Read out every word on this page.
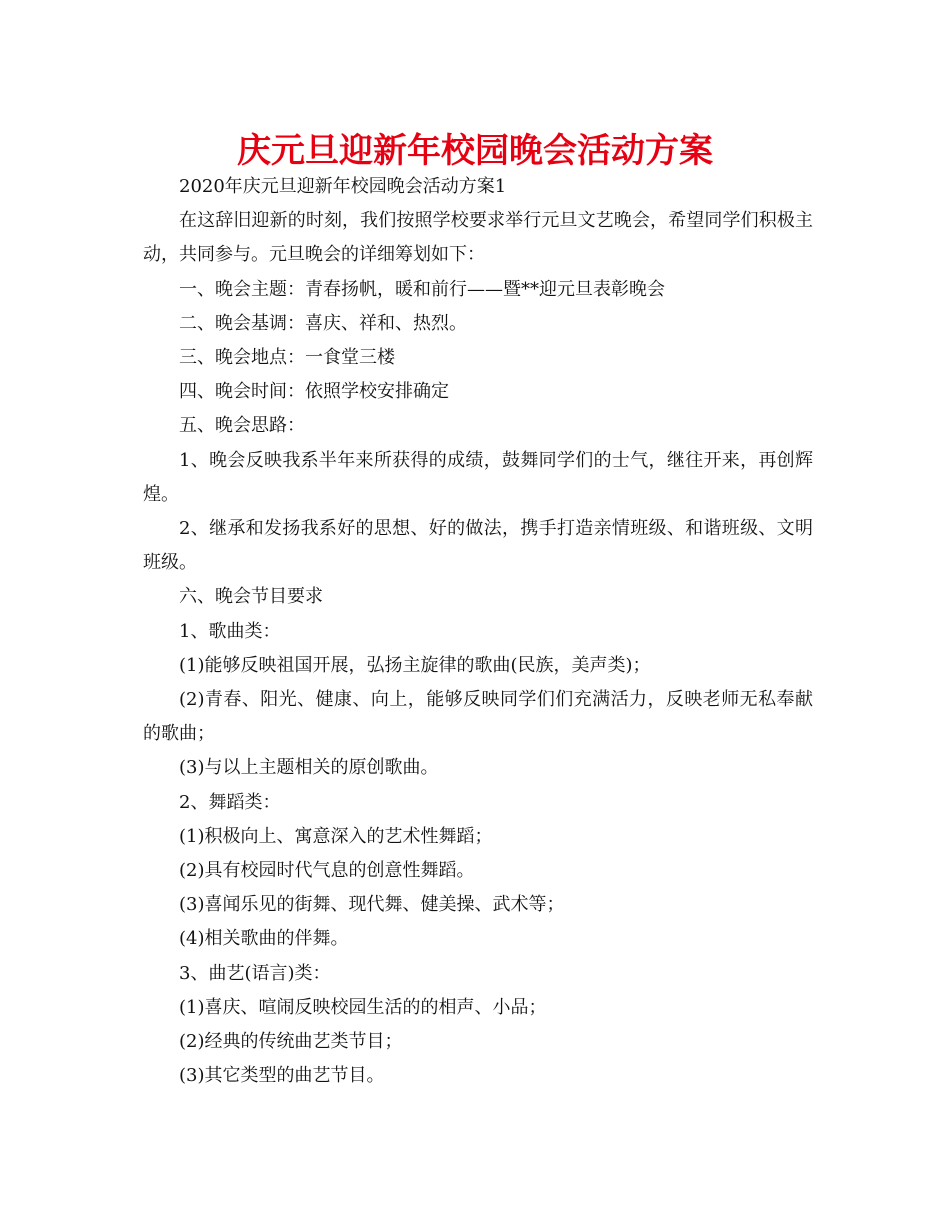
庆元旦迎新年校园晚会活动方案

2020年庆元旦迎新年校园晚会活动方案1

在这辞旧迎新的时刻，我们按照学校要求举行元旦文艺晚会，希望同学们积极主动，共同参与。元旦晚会的详细筹划如下：

一、晚会主题：青春扬帆，暖和前行——暨**迎元旦表彰晚会

二、晚会基调：喜庆、祥和、热烈。

三、晚会地点：一食堂三楼

四、晚会时间：依照学校安排确定

五、晚会思路：

1、晚会反映我系半年来所获得的成绩，鼓舞同学们的士气，继往开来，再创辉煌。

2、继承和发扬我系好的思想、好的做法，携手打造亲情班级、和谐班级、文明班级。

六、晚会节目要求

1、歌曲类：

(1)能够反映祖国开展，弘扬主旋律的歌曲(民族，美声类)；

(2)青春、阳光、健康、向上，能够反映同学们们充满活力，反映老师无私奉献的歌曲；

(3)与以上主题相关的原创歌曲。

2、舞蹈类：

(1)积极向上、寓意深入的艺术性舞蹈；

(2)具有校园时代气息的创意性舞蹈。

(3)喜闻乐见的街舞、现代舞、健美操、武术等；

(4)相关歌曲的伴舞。

3、曲艺(语言)类：

(1)喜庆、喧闹反映校园生活的的相声、小品；

(2)经典的传统曲艺类节目；

(3)其它类型的曲艺节目。
